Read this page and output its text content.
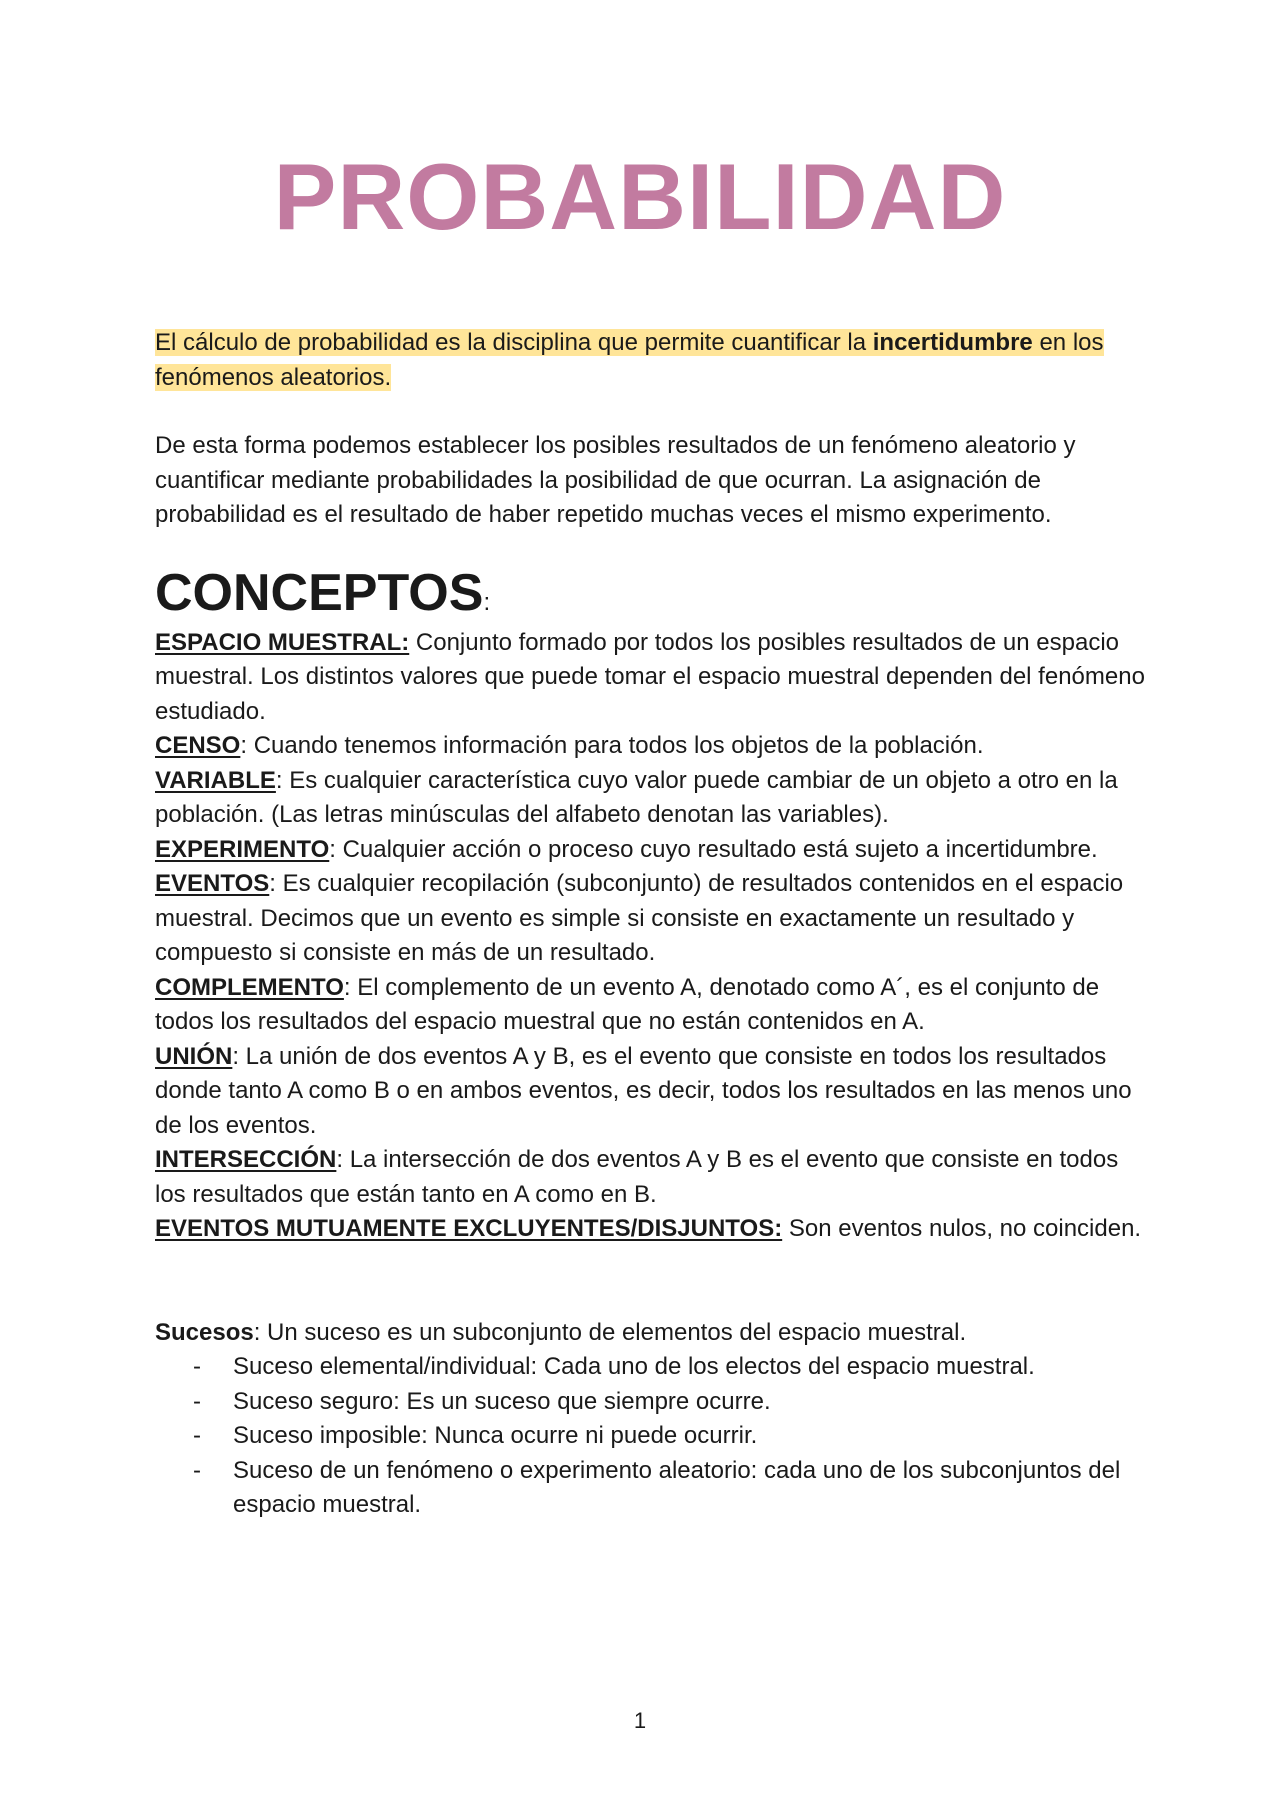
PROBABILIDAD

El cálculo de probabilidad es la disciplina que permite cuantificar la incertidumbre en los fenómenos aleatorios.

De esta forma podemos establecer los posibles resultados de un fenómeno aleatorio y cuantificar mediante probabilidades la posibilidad de que ocurran. La asignación de probabilidad es el resultado de haber repetido muchas veces el mismo experimento.

CONCEPTOS:

ESPACIO MUESTRAL: Conjunto formado por todos los posibles resultados de un espacio muestral. Los distintos valores que puede tomar el espacio muestral dependen del fenómeno estudiado.

CENSO: Cuando tenemos información para todos los objetos de la población.

VARIABLE: Es cualquier característica cuyo valor puede cambiar de un objeto a otro en la población. (Las letras minúsculas del alfabeto denotan las variables).

EXPERIMENTO: Cualquier acción o proceso cuyo resultado está sujeto a incertidumbre.

EVENTOS: Es cualquier recopilación (subconjunto) de resultados contenidos en el espacio muestral. Decimos que un evento es simple si consiste en exactamente un resultado y compuesto si consiste en más de un resultado.

COMPLEMENTO: El complemento de un evento A, denotado como A´, es el conjunto de todos los resultados del espacio muestral que no están contenidos en A.

UNIÓN: La unión de dos eventos A y B, es el evento que consiste en todos los resultados donde tanto A como B o en ambos eventos, es decir, todos los resultados en las menos uno de los eventos.

INTERSECCIÓN: La intersección de dos eventos A y B es el evento que consiste en todos los resultados que están tanto en A como en B.

EVENTOS MUTUAMENTE EXCLUYENTES/DISJUNTOS: Son eventos nulos, no coinciden.

Sucesos: Un suceso es un subconjunto de elementos del espacio muestral.

- Suceso elemental/individual: Cada uno de los electos del espacio muestral.
- Suceso seguro: Es un suceso que siempre ocurre.
- Suceso imposible: Nunca ocurre ni puede ocurrir.
- Suceso de un fenómeno o experimento aleatorio: cada uno de los subconjuntos del espacio muestral.
1
